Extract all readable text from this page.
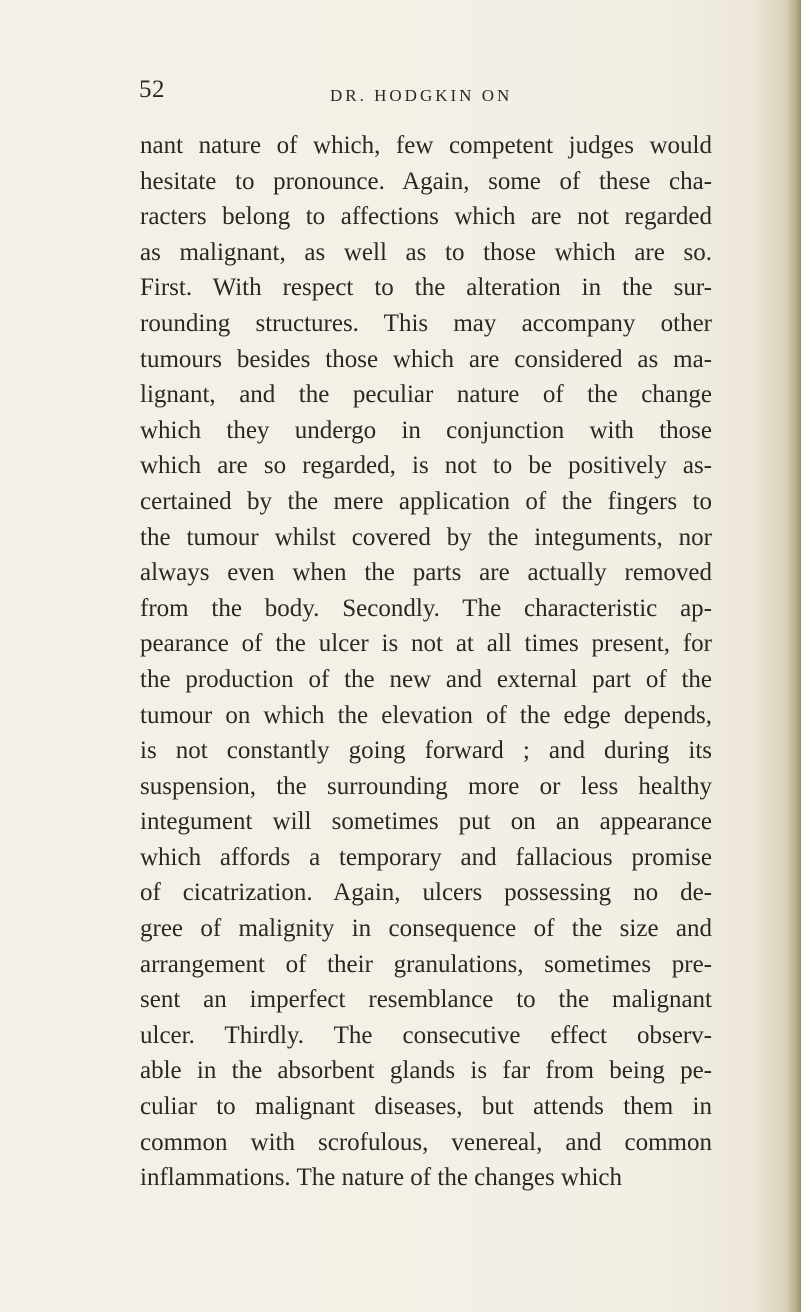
52	DR. HODGKIN ON
nant nature of which, few competent judges would
hesitate to pronounce. Again, some of these cha-
racters belong to affections which are not regarded
as malignant, as well as to those which are so.
First. With respect to the alteration in the sur-
rounding structures. This may accompany other
tumours besides those which are considered as ma-
lignant, and the peculiar nature of the change
which they undergo in conjunction with those
which are so regarded, is not to be positively as-
certained by the mere application of the fingers to
the tumour whilst covered by the integuments, nor
always even when the parts are actually removed
from the body. Secondly. The characteristic ap-
pearance of the ulcer is not at all times present, for
the production of the new and external part of the
tumour on which the elevation of the edge depends,
is not constantly going forward ; and during its
suspension, the surrounding more or less healthy
integument will sometimes put on an appearance
which affords a temporary and fallacious promise
of cicatrization. Again, ulcers possessing no de-
gree of malignity in consequence of the size and
arrangement of their granulations, sometimes pre-
sent an imperfect resemblance to the malignant
ulcer. Thirdly. The consecutive effect observ-
able in the absorbent glands is far from being pe-
culiar to malignant diseases, but attends them in
common with scrofulous, venereal, and common
inflammations. The nature of the changes which
